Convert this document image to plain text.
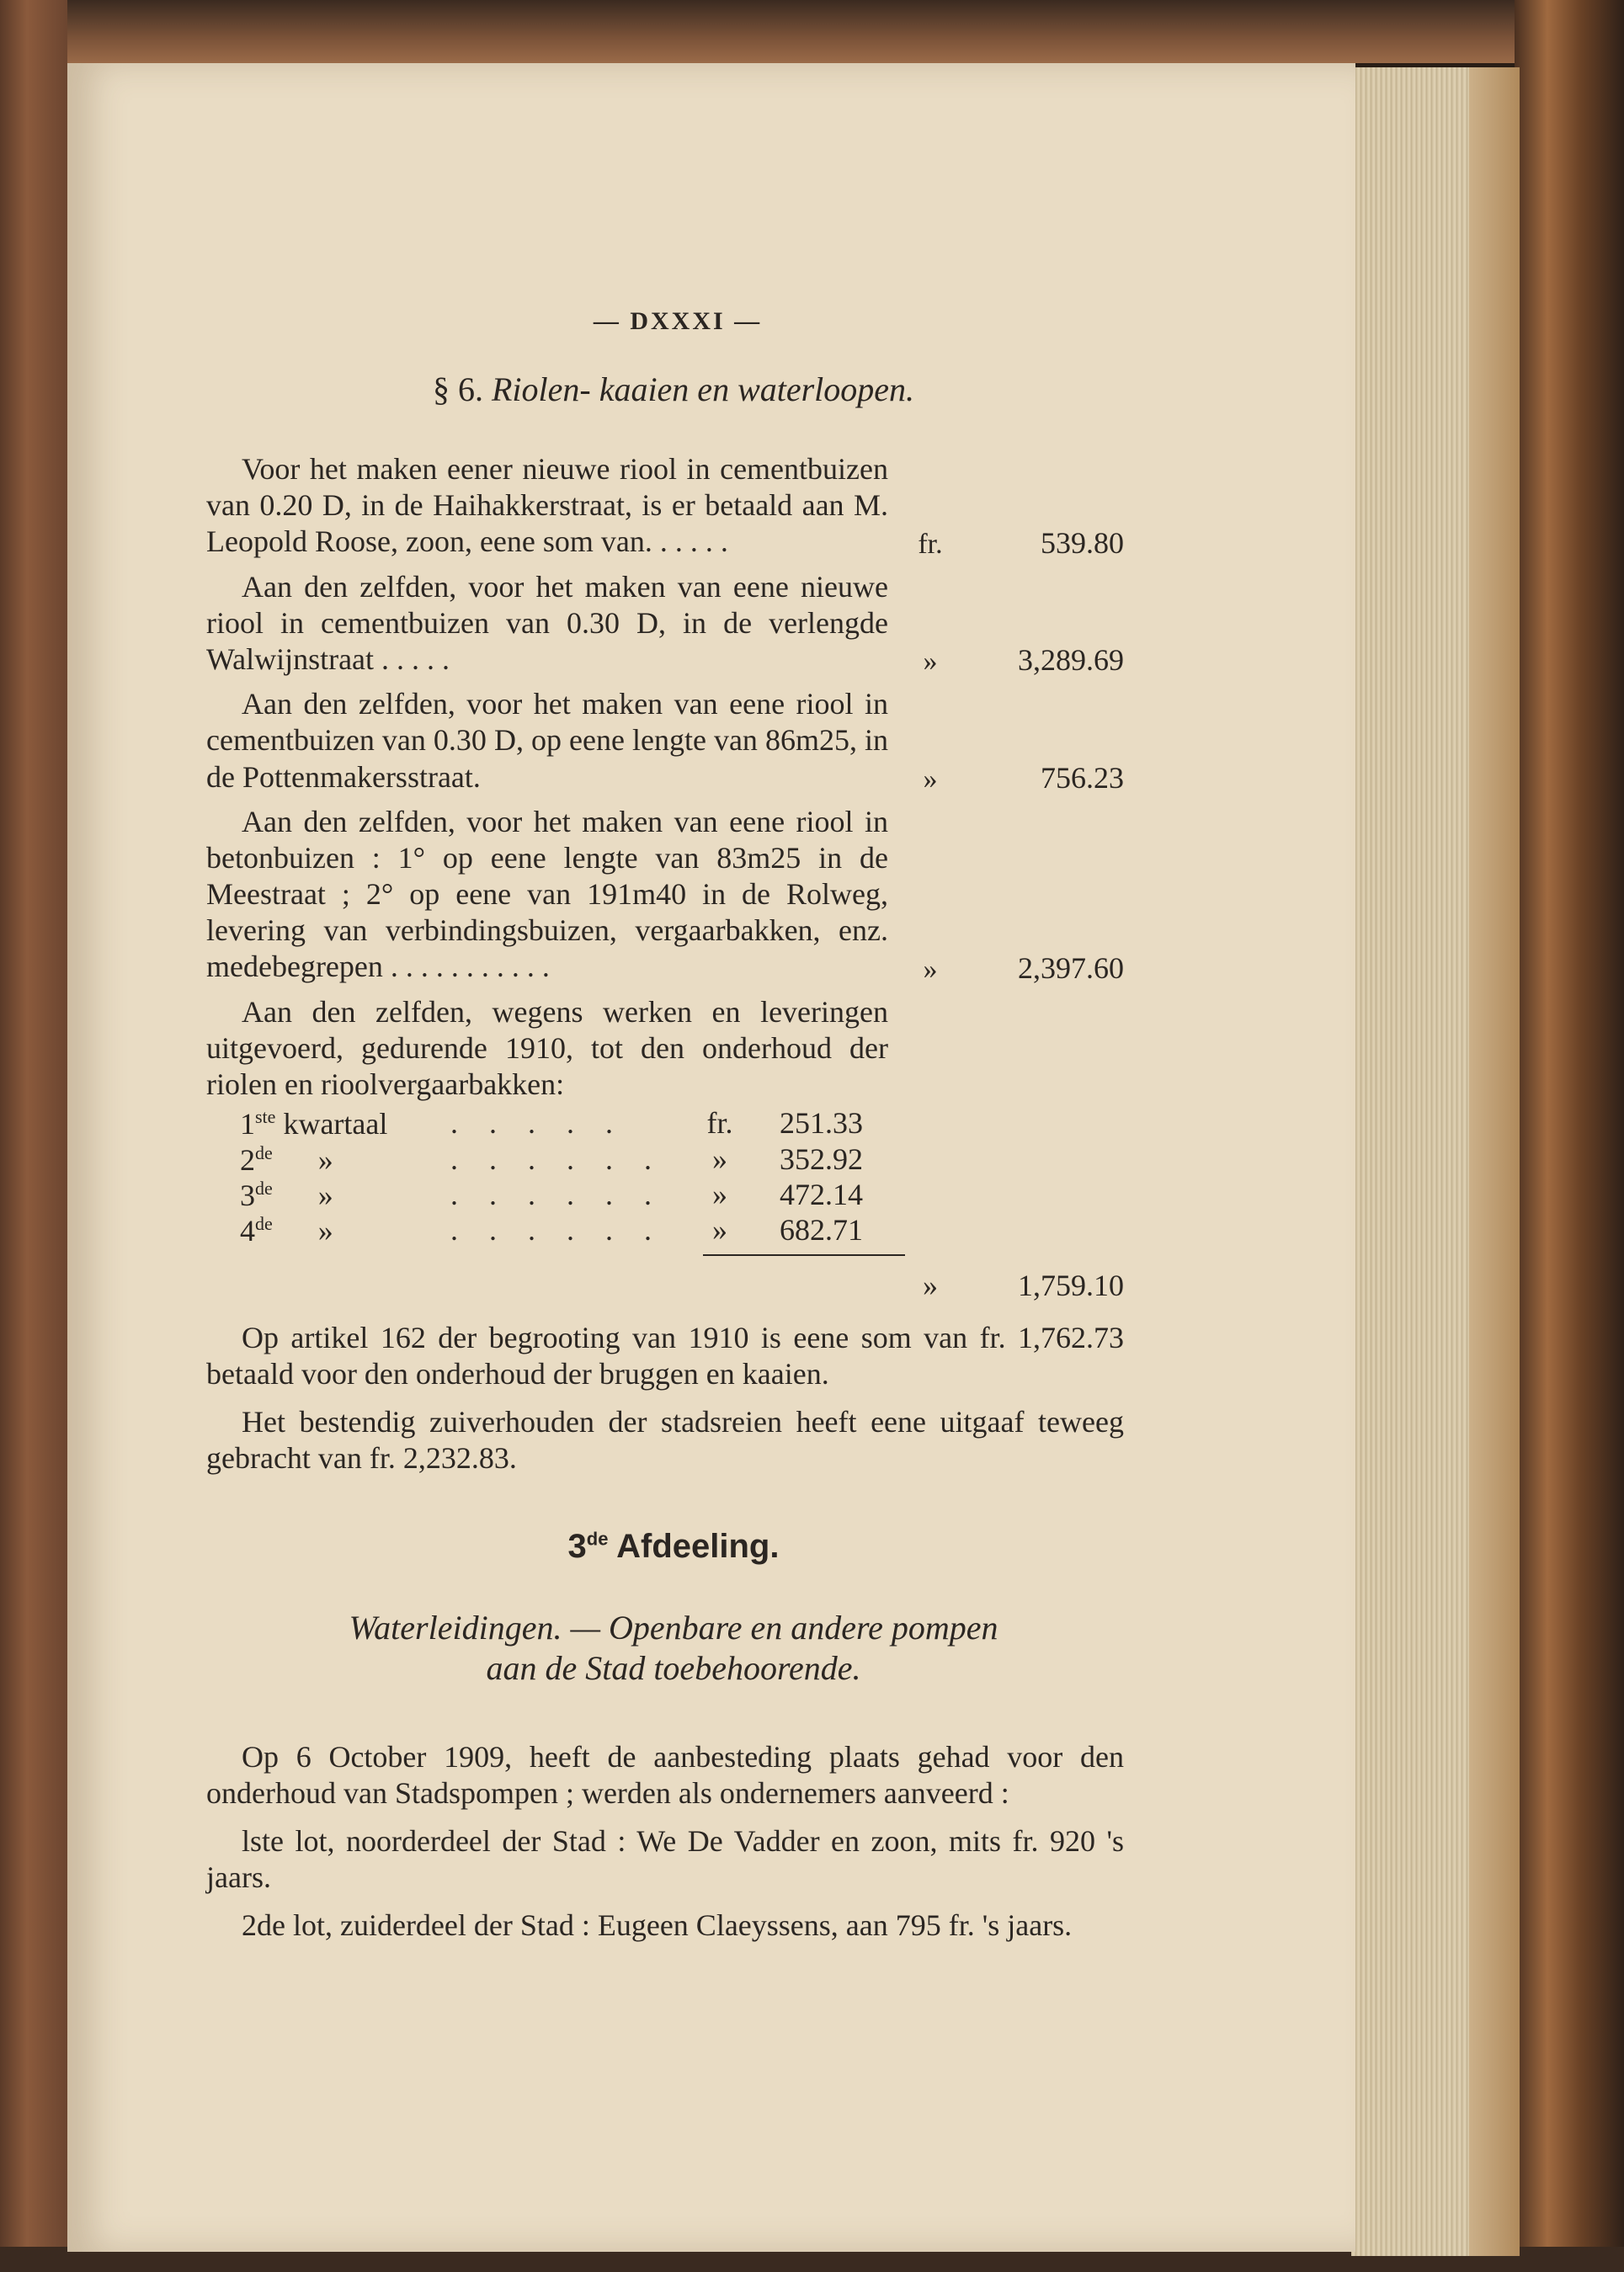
— DXXXI —
§ 6. Riolen- kaaien en waterloopen.
Voor het maken eener nieuwe riool in cementbuizen van 0.20 D, in de Haihakkerstraat, is er betaald aan M. Leopold Roose, zoon, eene som van. . . . . .	fr.	539.80
Aan den zelfden, voor het maken van eene nieuwe riool in cementbuizen van 0.30 D, in de verlengde Walwijnstraat . . . . .	»	3,289.69
Aan den zelfden, voor het maken van eene riool in cementbuizen van 0.30 D, op eene lengte van 86m25, in de Pottenmakersstraat.	»	756.23
Aan den zelfden, voor het maken van eene riool in betonbuizen : 1° op eene lengte van 83m25 in de Meestraat ; 2° op eene van 191m40 in de Rolweg, levering van verbindingsbuizen, vergaarbakken, enz. medebegrepen . . . . . . . . . . .	»	2,397.60

Aan den zelfden, wegens werken en leveringen uitgevoerd, gedurende 1910, tot den onderhoud der riolen en rioolvergaarbakken:

1ste kwartaal	. . . . .	fr.	251.33
2de »	. . . . . .	»	352.92
3de »	. . . . . .	»	472.14
4de »	. . . . . .	»	682.71
»	1,759.10

Op artikel 162 der begrooting van 1910 is eene som van fr. 1,762.73 betaald voor den onderhoud der bruggen en kaaien.

Het bestendig zuiverhouden der stadsreien heeft eene uitgaaf teweeg gebracht van fr. 2,232.83.

3de Afdeeling.
Waterleidingen. — Openbare en andere pompen
aan de Stad toebehoorende.

Op 6 October 1909, heeft de aanbesteding plaats gehad voor den onderhoud van Stadspompen ; werden als ondernemers aanveerd :

lste lot, noorderdeel der Stad : We De Vadder en zoon, mits fr. 920 's jaars.

2de lot, zuiderdeel der Stad : Eugeen Claeyssens, aan 795 fr. 's jaars.
